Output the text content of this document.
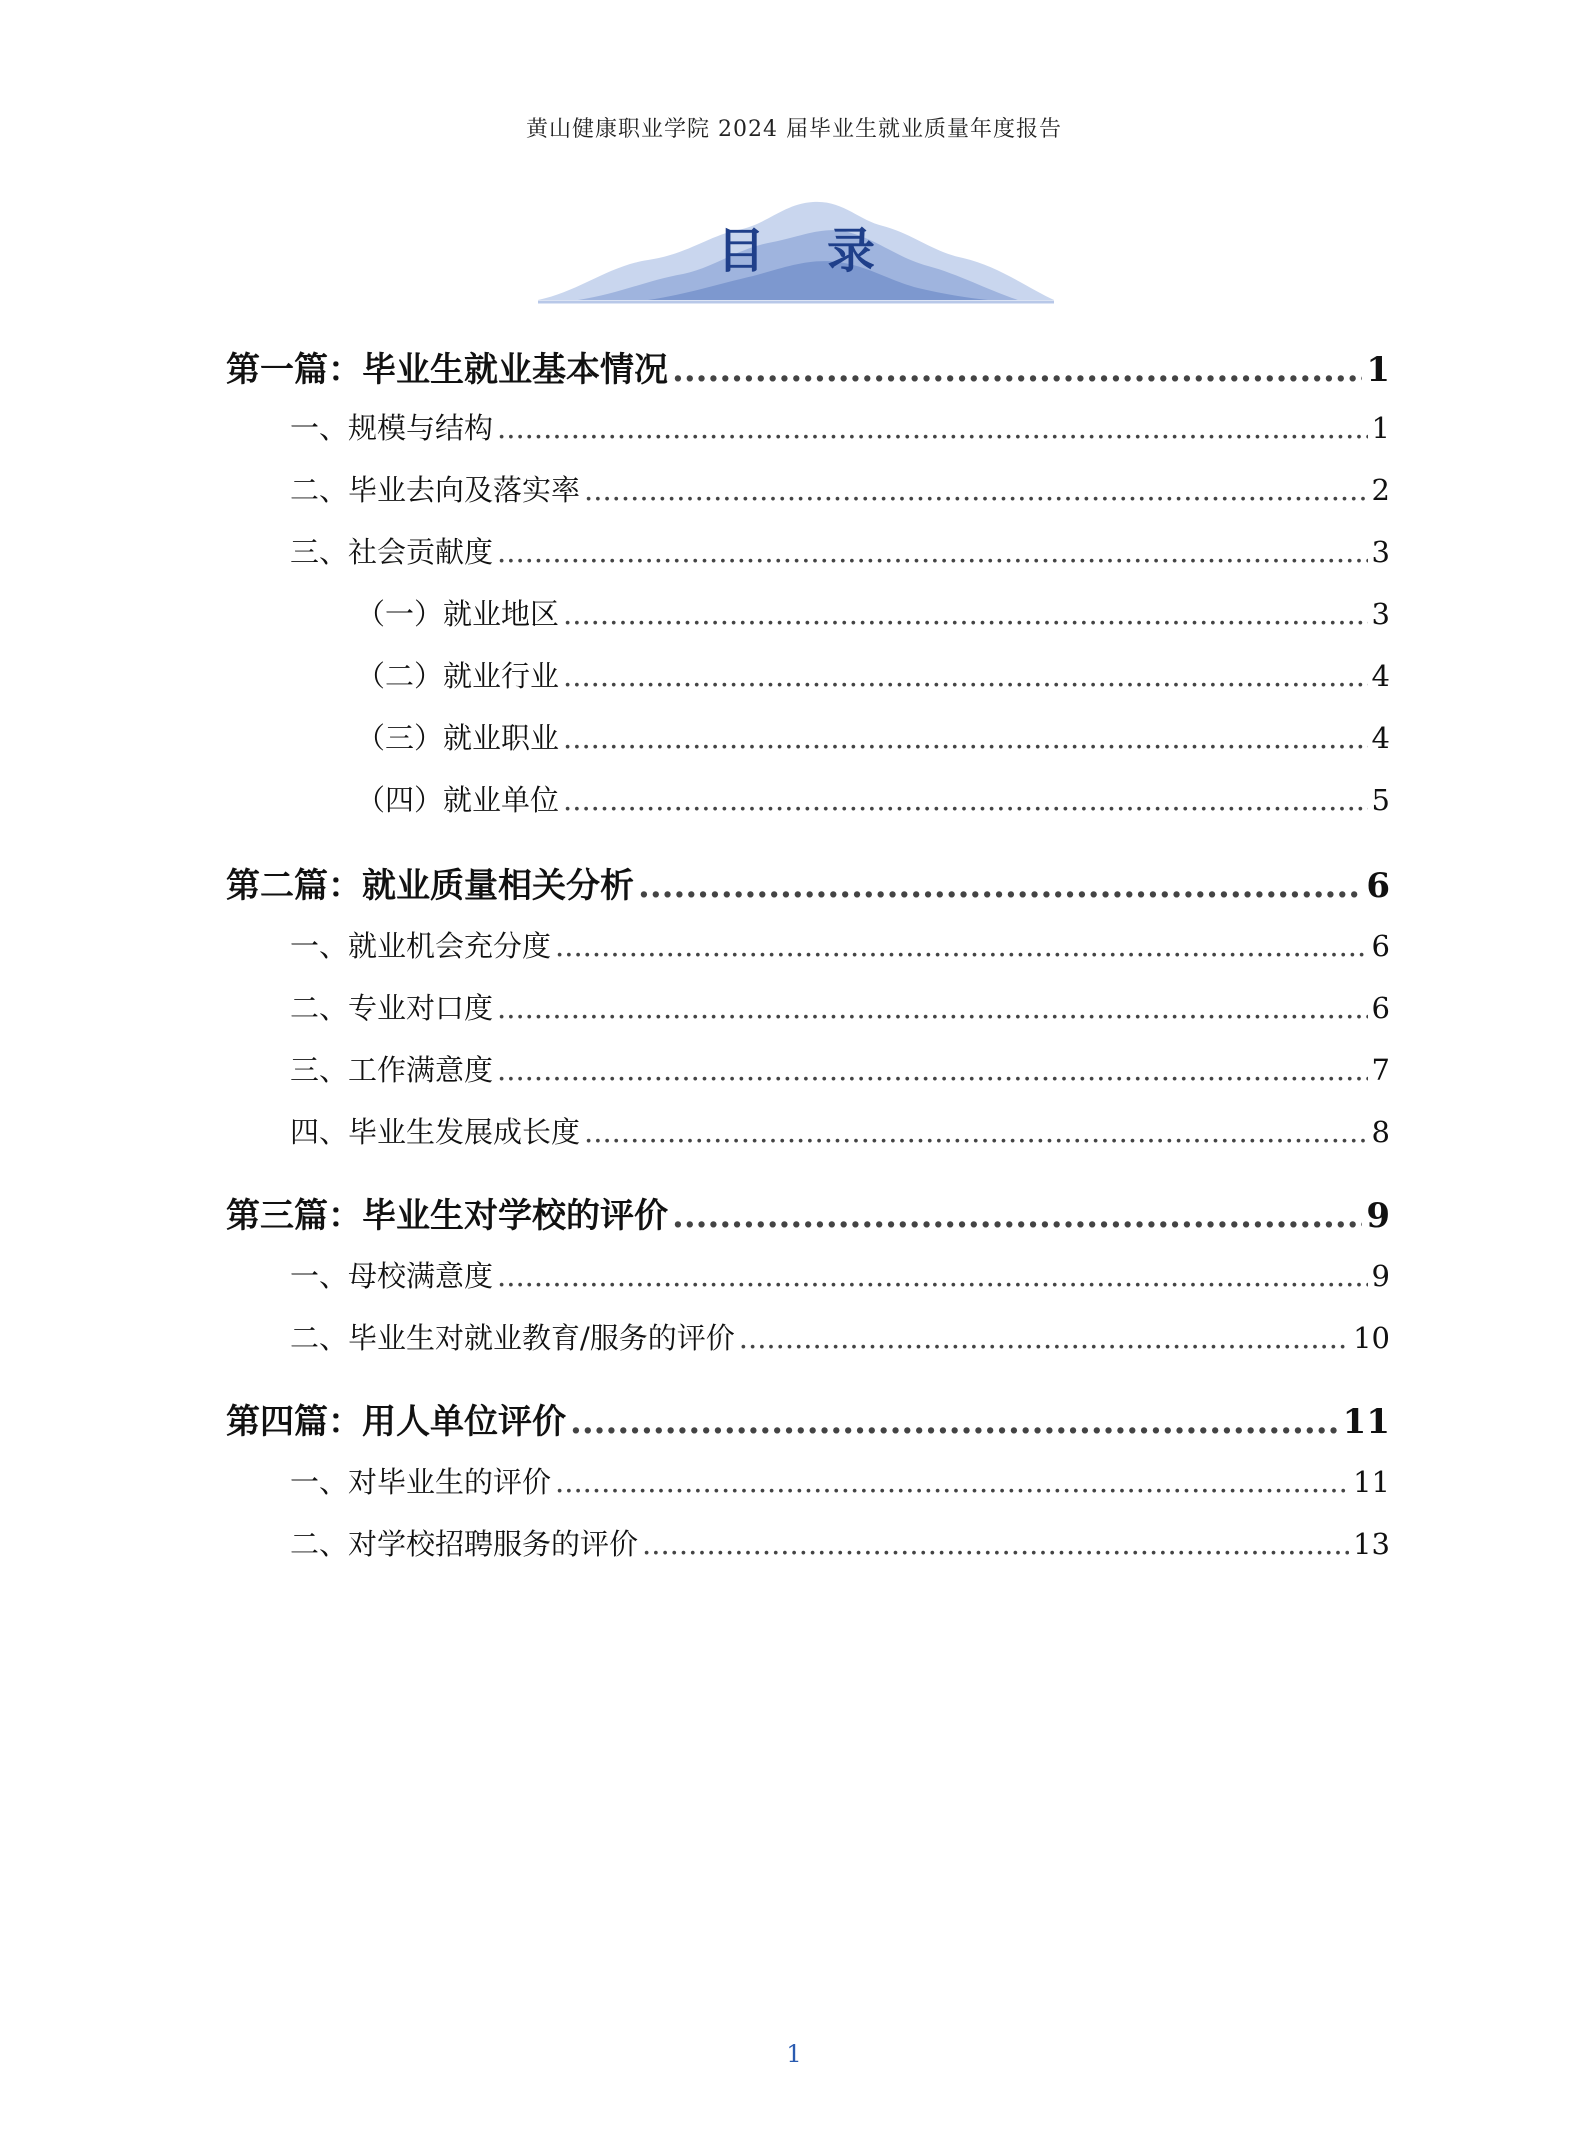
黄山健康职业学院 2024 届毕业生就业质量年度报告
目录
第一篇：毕业生就业基本情况 .....	1
一、规模与结构 .....	1
二、毕业去向及落实率 .....	2
三、社会贡献度 .....	3
（一）就业地区 .....	3
（二）就业行业 .....	4
（三）就业职业 .....	4
（四）就业单位 .....	5
第二篇：就业质量相关分析 .....	6
一、就业机会充分度 .....	6
二、专业对口度 .....	6
三、工作满意度 .....	7
四、毕业生发展成长度 .....	8
第三篇：毕业生对学校的评价 .....	9
一、母校满意度 .....	9
二、毕业生对就业教育/服务的评价 .....	10
第四篇：用人单位评价 .....	11
一、对毕业生的评价 .....	11
二、对学校招聘服务的评价 .....	13
1
